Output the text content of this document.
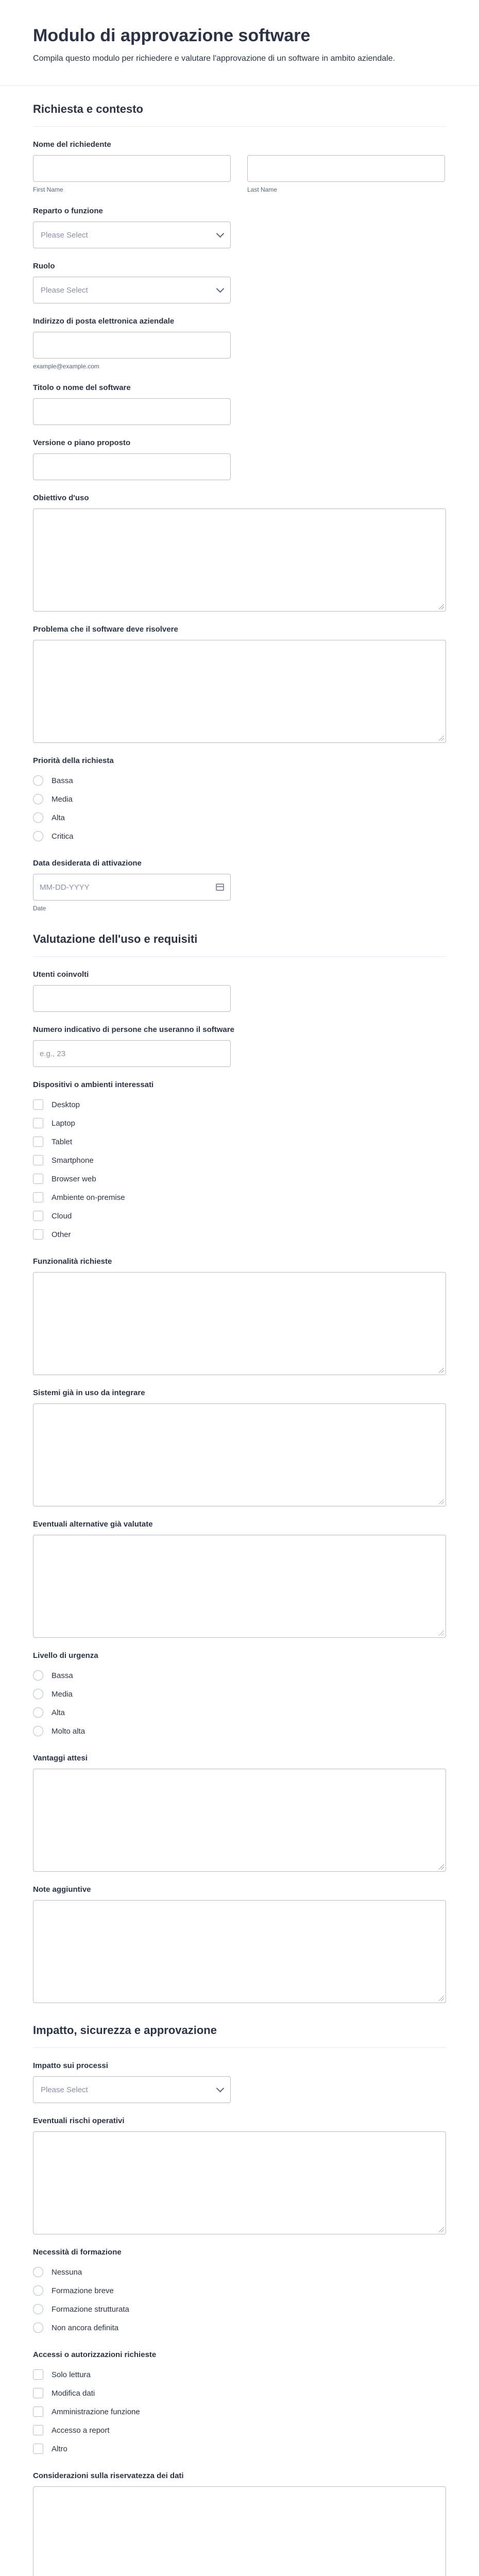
Modulo di approvazione software

Compila questo modulo per richiedere e valutare l'approvazione di un software in ambito aziendale.

Richiesta e contesto
Nome del richiedente
First Name	Last Name
Reparto o funzione
Please Select
Ruolo
Please Select
Indirizzo di posta elettronica aziendale
example@example.com
Titolo o nome del software
Versione o piano proposto
Obiettivo d'uso
Problema che il software deve risolvere
Priorità della richiesta
Bassa
Media
Alta
Critica
Data desiderata di attivazione
MM-DD-YYYY
Date
Valutazione dell'uso e requisiti
Utenti coinvolti
Numero indicativo di persone che useranno il software
e.g., 23
Dispositivi o ambienti interessati
Desktop
Laptop
Tablet
Smartphone
Browser web
Ambiente on-premise
Cloud
Other
Funzionalità richieste
Sistemi già in uso da integrare
Eventuali alternative già valutate
Livello di urgenza
Bassa
Media
Alta
Molto alta
Vantaggi attesi
Note aggiuntive
Impatto, sicurezza e approvazione
Impatto sui processi
Please Select
Eventuali rischi operativi
Necessità di formazione
Nessuna
Formazione breve
Formazione strutturata
Non ancora definita
Accessi o autorizzazioni richieste
Solo lettura
Modifica dati
Amministrazione funzione
Accesso a report
Altro
Considerazioni sulla riservatezza dei dati
